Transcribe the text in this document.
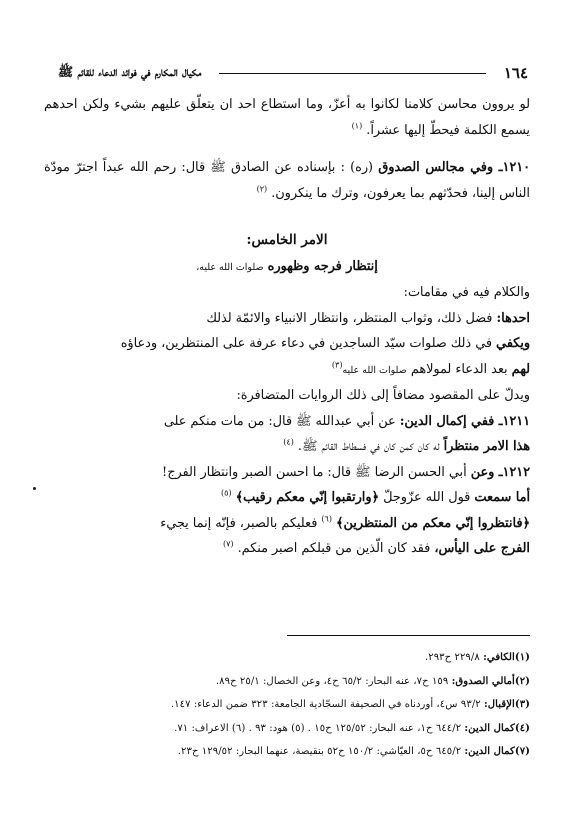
١٦٤
مكيال المكارم في فوائد الدعاء للقائم ﷺ

لو يروون محاسن كلامنا لكانوا به أعزّ، وما استطاع احد ان يتعلّق عليهم بشيء ولكن احدهم يسمع الكلمة فيحطّ إليها عشراً. $^{(١)}$

١٢١٠ـ وفي مجالس الصدوق (ره) : بإسناده عن الصادق ﷺ قال: رحم الله عبداً اجترّ مودّة الناس إلينا، فحدّثهم بما يعرفون، وترك ما ينكرون. $^{(٢)}$

الامر الخامس:

إنتظار فرجه وظهوره صلوات الله عليه،

والكلام فيه في مقامات:

احدها: فضل ذلك، وثواب المنتظر، وانتظار الانبياء والائمّة لذلك

ويكفي في ذلك صلوات سيّد الساجدين في دعاء عرفة على المنتظرين، ودعاؤه

لهم بعد الدعاء لمولاهم صلوات الله عليه$^{(٣)}$

ويدلّ على المقصود مضافاً إلى ذلك الروايات المتضافرة:

١٢١١ـ ففي إكمال الدين: عن أبي عبدالله ﷺ قال: من مات منكم على

هذا الامر منتظراً له كان كمن كان في فسطاط القائم ﷺ. $^{(٤)}$

١٢١٢ـ وعن أبي الحسن الرضا ﷺ قال: ما احسن الصبر وانتظار الفرج!

أما سمعت قول الله عزّوجلّ ﴿وارتقبوا إنّي معكم رقيب﴾ $^{(٥)}$

﴿فانتظروا إنّي معكم من المنتظرين﴾ $^{(٦)}$ فعليكم بالصبر، فإنّه إنما يجيء

الفرج على اليأس، فقد كان الّذين من قبلكم اصبر منكم. $^{(٧)}$

(١)الكافي: ٢٢٩/٨ ح٢٩٣.

(٢)أمالي الصدوق: ١٥٩ ح٧، عنه البحار: ٦٥/٢ ح٤، وعن الخصال: ٢٥/١ ح٨٩.

(٣)الإقبال: ٩٣/٢ س٤، أوردناه في الصحيفة السجّادية الجامعة: ٣٢٣ ضمن الدعاء: ١٤٧.

(٤)كمال الدين: ٦٤٤/٢ ح١، عنه البحار: ١٢٥/٥٢ ح١٥ . (٥) هود: ٩٣ . (٦) الاعراف: ٧١.

(٧)كمال الدين: ٦٤٥/٢ ح٥، العيّاشي: ١٥٠/٢ ح٥٢ بنقيصة، عنهما البحار: ١٢٩/٥٢ ح٢٣.
